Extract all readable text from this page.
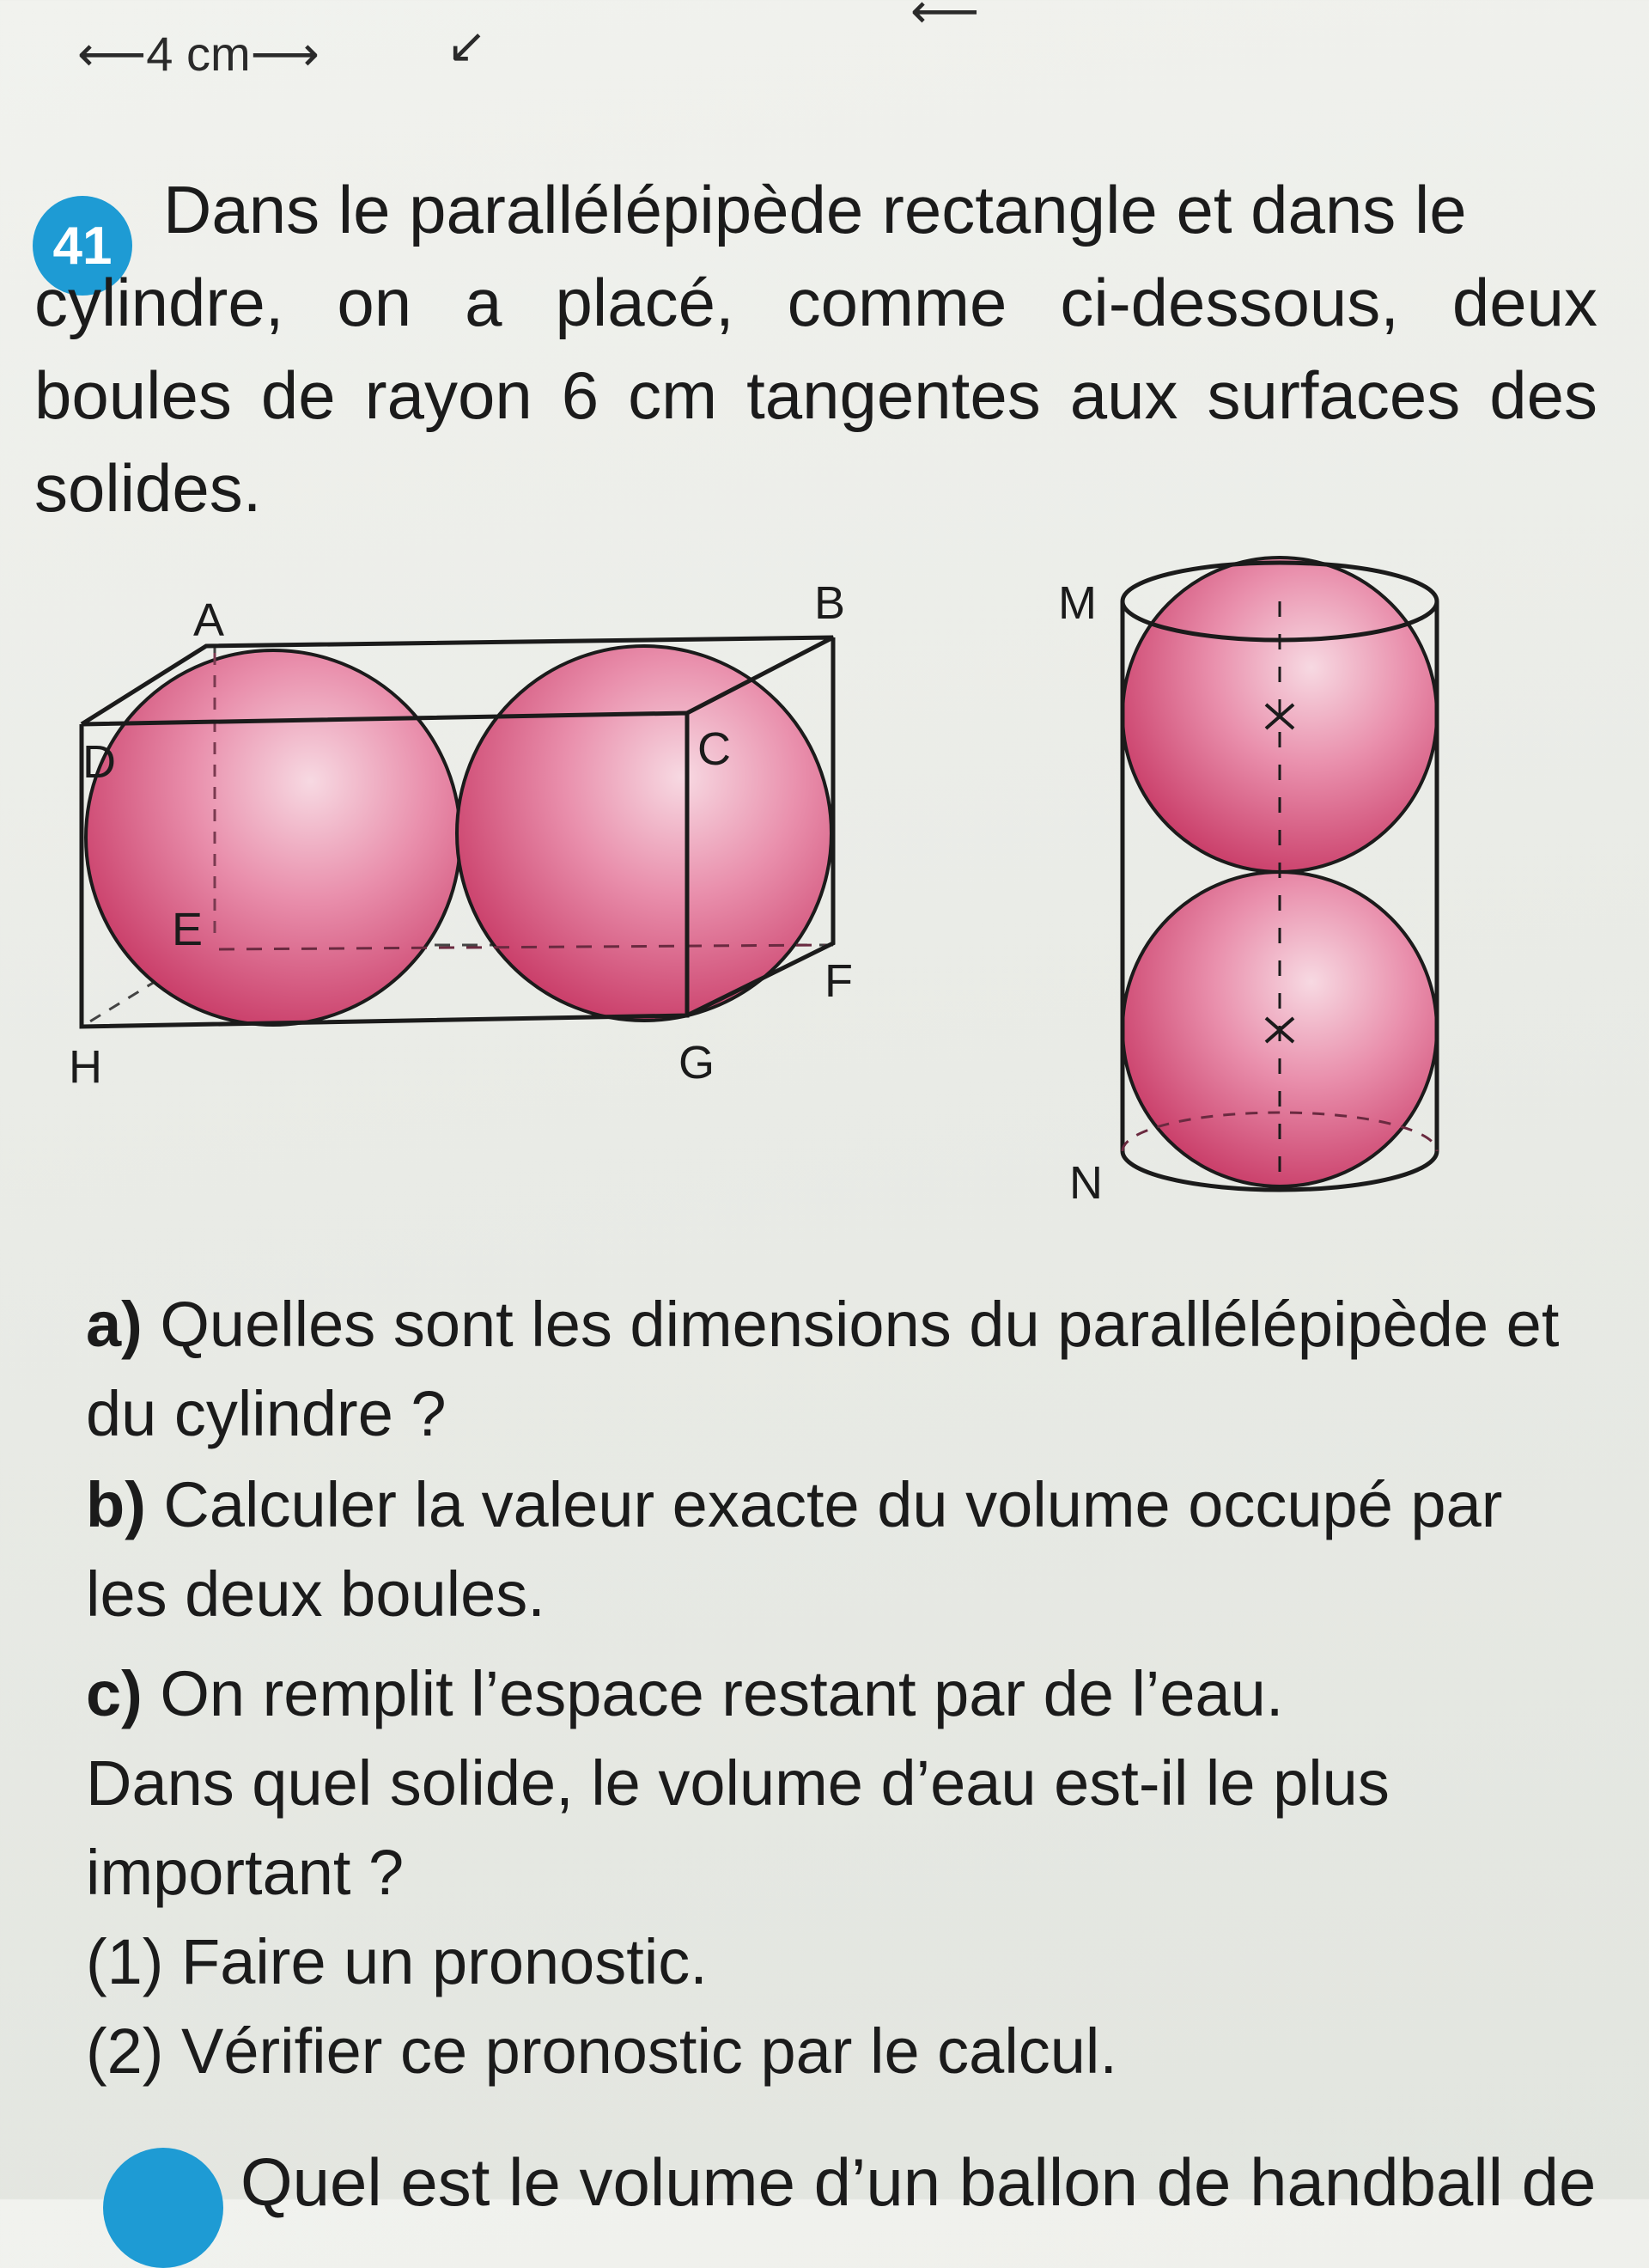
⟵4 cm⟶	↙
⟵
41 Dans le parallélépipède rectangle et dans le
cylindre, on a placé, comme ci-dessous, deux boules de rayon 6 cm tangentes aux surfaces des solides.
A	B
C
D
E
F
G
H
M
N
a) Quelles sont les dimensions du parallélépipède et du cylindre ?
b) Calculer la valeur exacte du volume occupé par les deux boules.
c) On remplit l’espace restant par de l’eau.
Dans quel solide, le volume d’eau est-il le plus important ?
(1) Faire un pronostic.
(2) Vérifier ce pronostic par le calcul.
Quel est le volume d’un ballon de handball de
